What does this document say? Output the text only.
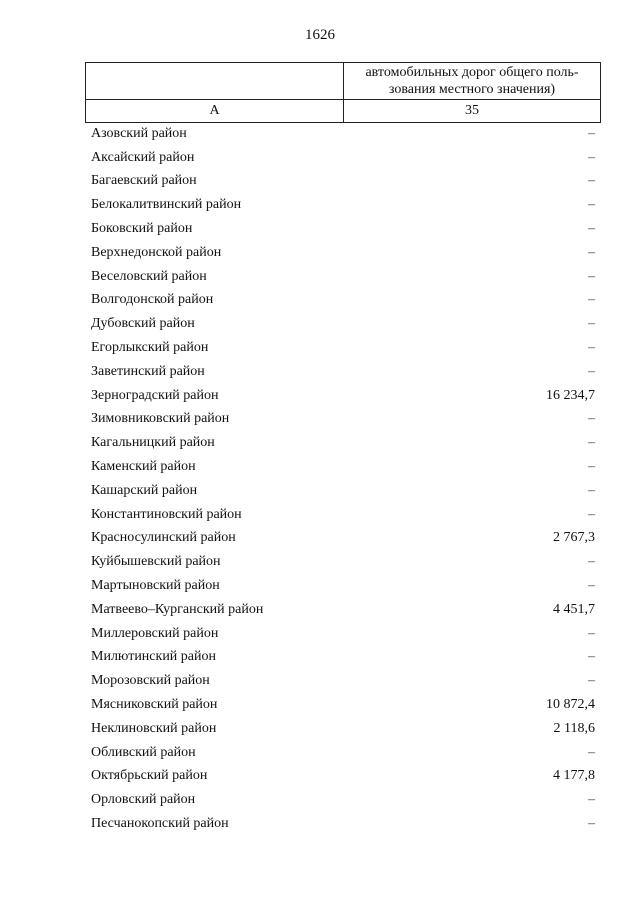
1626
	автомобильных дорог общего поль-зования местного значения)
А	35
Азовский район	–
Аксайский район	–
Багаевский район	–
Белокалитвинский район	–
Боковский район	–
Верхнедонской район	–
Веселовский район	–
Волгодонской район	–
Дубовский район	–
Егорлыкский район	–
Заветинский район	–
Зерноградский район	16 234,7
Зимовниковский район	–
Кагальницкий район	–
Каменский район	–
Кашарский район	–
Константиновский район	–
Красносулинский район	2 767,3
Куйбышевский район	–
Мартыновский район	–
Матвеево–Курганский район	4 451,7
Миллеровский район	–
Милютинский район	–
Морозовский район	–
Мясниковский район	10 872,4
Неклиновский район	2 118,6
Обливский район	–
Октябрьский район	4 177,8
Орловский район	–
Песчанокопский район	–
